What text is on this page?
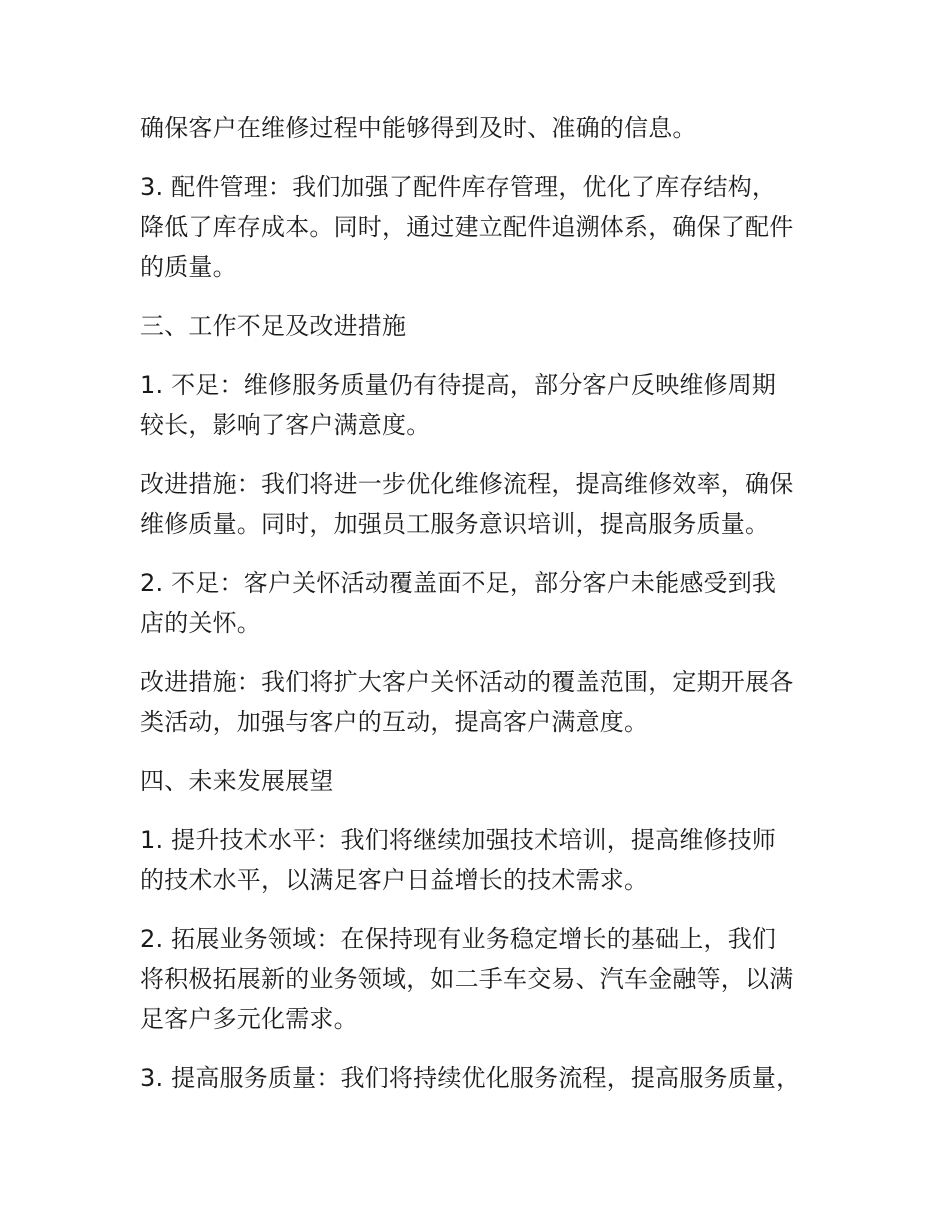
确保客户在维修过程中能够得到及时、准确的信息。

3. 配件管理：我们加强了配件库存管理，优化了库存结构，
降低了库存成本。同时，通过建立配件追溯体系，确保了配件
的质量。

三、工作不足及改进措施

1. 不足：维修服务质量仍有待提高，部分客户反映维修周期
较长，影响了客户满意度。

改进措施：我们将进一步优化维修流程，提高维修效率，确保
维修质量。同时，加强员工服务意识培训，提高服务质量。

2. 不足：客户关怀活动覆盖面不足，部分客户未能感受到我
店的关怀。

改进措施：我们将扩大客户关怀活动的覆盖范围，定期开展各
类活动，加强与客户的互动，提高客户满意度。

四、未来发展展望

1. 提升技术水平：我们将继续加强技术培训，提高维修技师
的技术水平，以满足客户日益增长的技术需求。

2. 拓展业务领域：在保持现有业务稳定增长的基础上，我们
将积极拓展新的业务领域，如二手车交易、汽车金融等，以满
足客户多元化需求。

3. 提高服务质量：我们将持续优化服务流程，提高服务质量，
